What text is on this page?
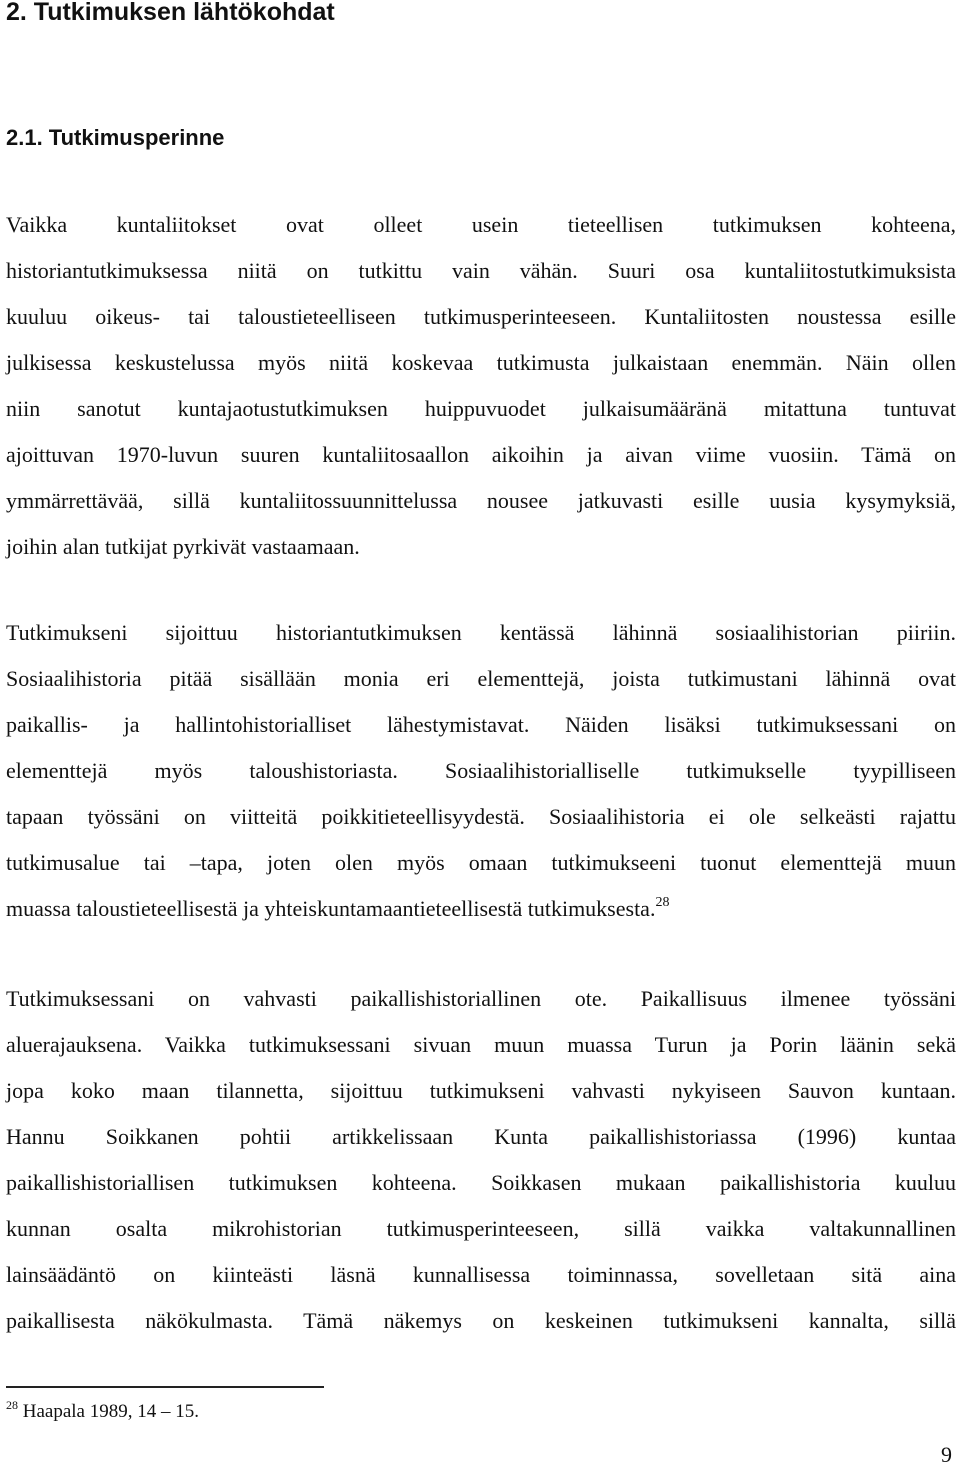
2. Tutkimuksen lähtökohdat
2.1. Tutkimusperinne
Vaikka kuntaliitokset ovat olleet usein tieteellisen tutkimuksen kohteena,
historiantutkimuksessa niitä on tutkittu vain vähän. Suuri osa kuntaliitostutkimuksista
kuuluu oikeus- tai taloustieteelliseen tutkimusperinteeseen. Kuntaliitosten noustessa esille
julkisessa keskustelussa myös niitä koskevaa tutkimusta julkaistaan enemmän. Näin ollen
niin sanotut kuntajaotustutkimuksen huippuvuodet julkaisumääränä mitattuna tuntuvat
ajoittuvan 1970-luvun suuren kuntaliitosaallon aikoihin ja aivan viime vuosiin. Tämä on
ymmärrettävää, sillä kuntaliitossuunnittelussa nousee jatkuvasti esille uusia kysymyksiä,
joihin alan tutkijat pyrkivät vastaamaan.
Tutkimukseni sijoittuu historiantutkimuksen kentässä lähinnä sosiaalihistorian piiriin.
Sosiaalihistoria pitää sisällään monia eri elementtejä, joista tutkimustani lähinnä ovat
paikallis- ja hallintohistorialliset lähestymistavat. Näiden lisäksi tutkimuksessani on
elementtejä myös taloushistoriasta. Sosiaalihistorialliselle tutkimukselle tyypilliseen
tapaan työssäni on viitteitä poikkitieteellisyydestä. Sosiaalihistoria ei ole selkeästi rajattu
tutkimusalue tai –tapa, joten olen myös omaan tutkimukseeni tuonut elementtejä muun
muassa taloustieteellisestä ja yhteiskuntamaantieteellisestä tutkimuksesta.$^{28}$
Tutkimuksessani on vahvasti paikallishistoriallinen ote. Paikallisuus ilmenee työssäni
aluerajauksena. Vaikka tutkimuksessani sivuan muun muassa Turun ja Porin läänin sekä
jopa koko maan tilannetta, sijoittuu tutkimukseni vahvasti nykyiseen Sauvon kuntaan.
Hannu Soikkanen pohtii artikkelissaan Kunta paikallishistoriassa (1996) kuntaa
paikallishistoriallisen tutkimuksen kohteena. Soikkasen mukaan paikallishistoria kuuluu
kunnan osalta mikrohistorian tutkimusperinteeseen, sillä vaikka valtakunnallinen
lainsäädäntö on kiinteästi läsnä kunnallisessa toiminnassa, sovelletaan sitä aina
paikallisesta näkökulmasta. Tämä näkemys on keskeinen tutkimukseni kannalta, sillä

$^{28}$ Haapala 1989, 14 – 15.

9
